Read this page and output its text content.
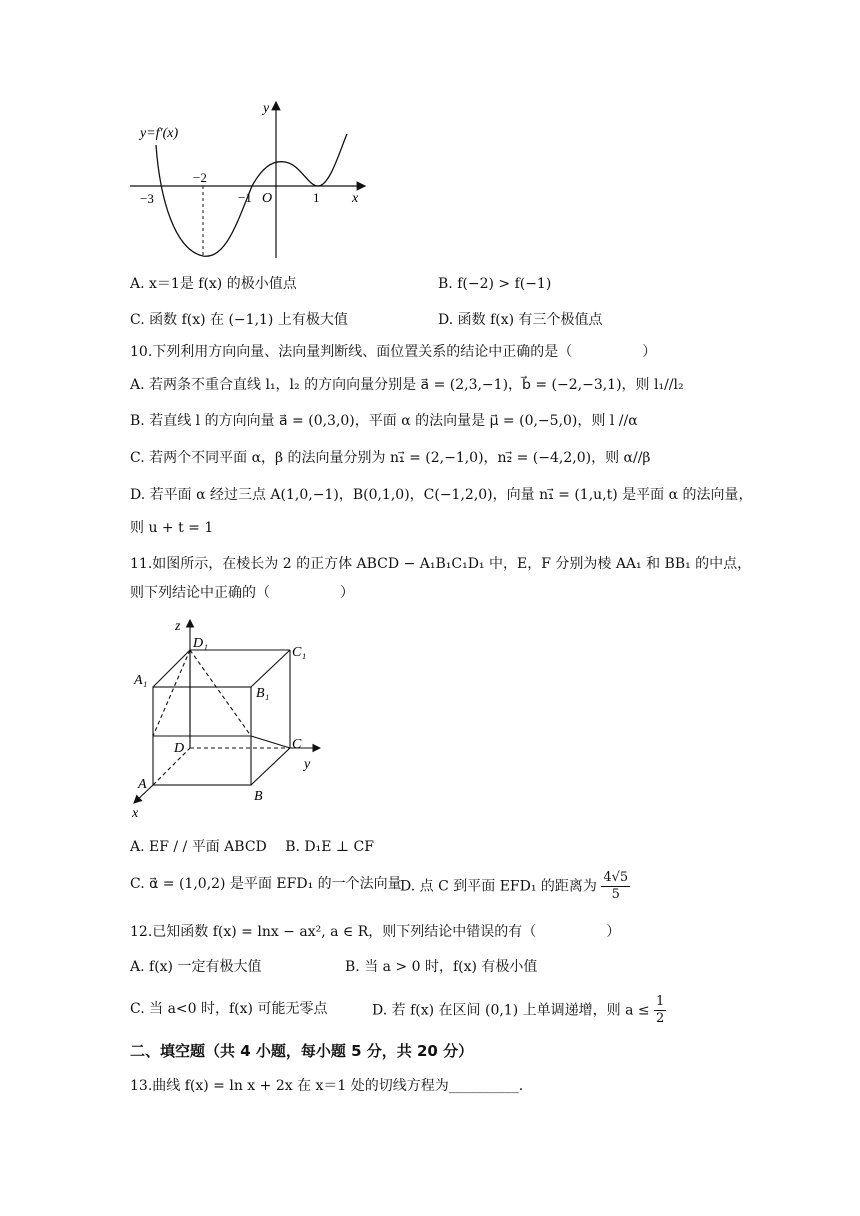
y=f′(x)
y
x
O
−3
−2
−1	1
A. x＝1是 f(x) 的极小值点	B. f(−2) > f(−1)
C. 函数 f(x) 在 (−1,1) 上有极大值	D. 函数 f(x) 有三个极值点
10.下列利用方向向量、法向量判断线、面位置关系的结论中正确的是（　　　　　）
A. 若两条不重合直线 l₁，l₂ 的方向向量分别是 a⃗ = (2,3,−1)，b⃗ = (−2,−3,1)，则 l₁//l₂
B. 若直线 l 的方向向量 a⃗ = (0,3,0)，平面 α 的法向量是 μ⃗ = (0,−5,0)，则 l //α
C. 若两个不同平面 α，β 的法向量分别为 n₁⃗ = (2,−1,0)，n₂⃗ = (−4,2,0)，则 α//β
D. 若平面 α 经过三点 A(1,0,−1)，B(0,1,0)，C(−1,2,0)，向量 n₁⃗ = (1,u,t) 是平面 α 的法向量，
则 u + t = 1
11.如图所示，在棱长为 2 的正方体 ABCD − A₁B₁C₁D₁ 中，E，F 分别为棱 AA₁ 和 BB₁ 的中点，
则下列结论中正确的（　　　　　）
z
D₁
C₁
A₁
B₁
D	C
y
A
B
x
A. EF / / 平面 ABCD　 B. D₁E ⊥ CF
C. α⃗ = (1,0,2) 是平面 EFD₁ 的一个法向量
D. 点 C 到平面 EFD₁ 的距离为 $\frac{4√5}{5}$
12.已知函数 f(x) = lnx − ax², a ∈ R，则下列结论中错误的有（　　　　　）
A. f(x) 一定有极大值	B. 当 a > 0 时，f(x) 有极小值
C. 当 a<0 时，f(x) 可能无零点	D. 若 f(x) 在区间 (0,1) 上单调递增，则 $a \le \frac{1}{2}$
二、填空题（共 4 小题，每小题 5 分，共 20 分）
13.曲线 f(x) = ln x + 2x 在 x＝1 处的切线方程为__________.
